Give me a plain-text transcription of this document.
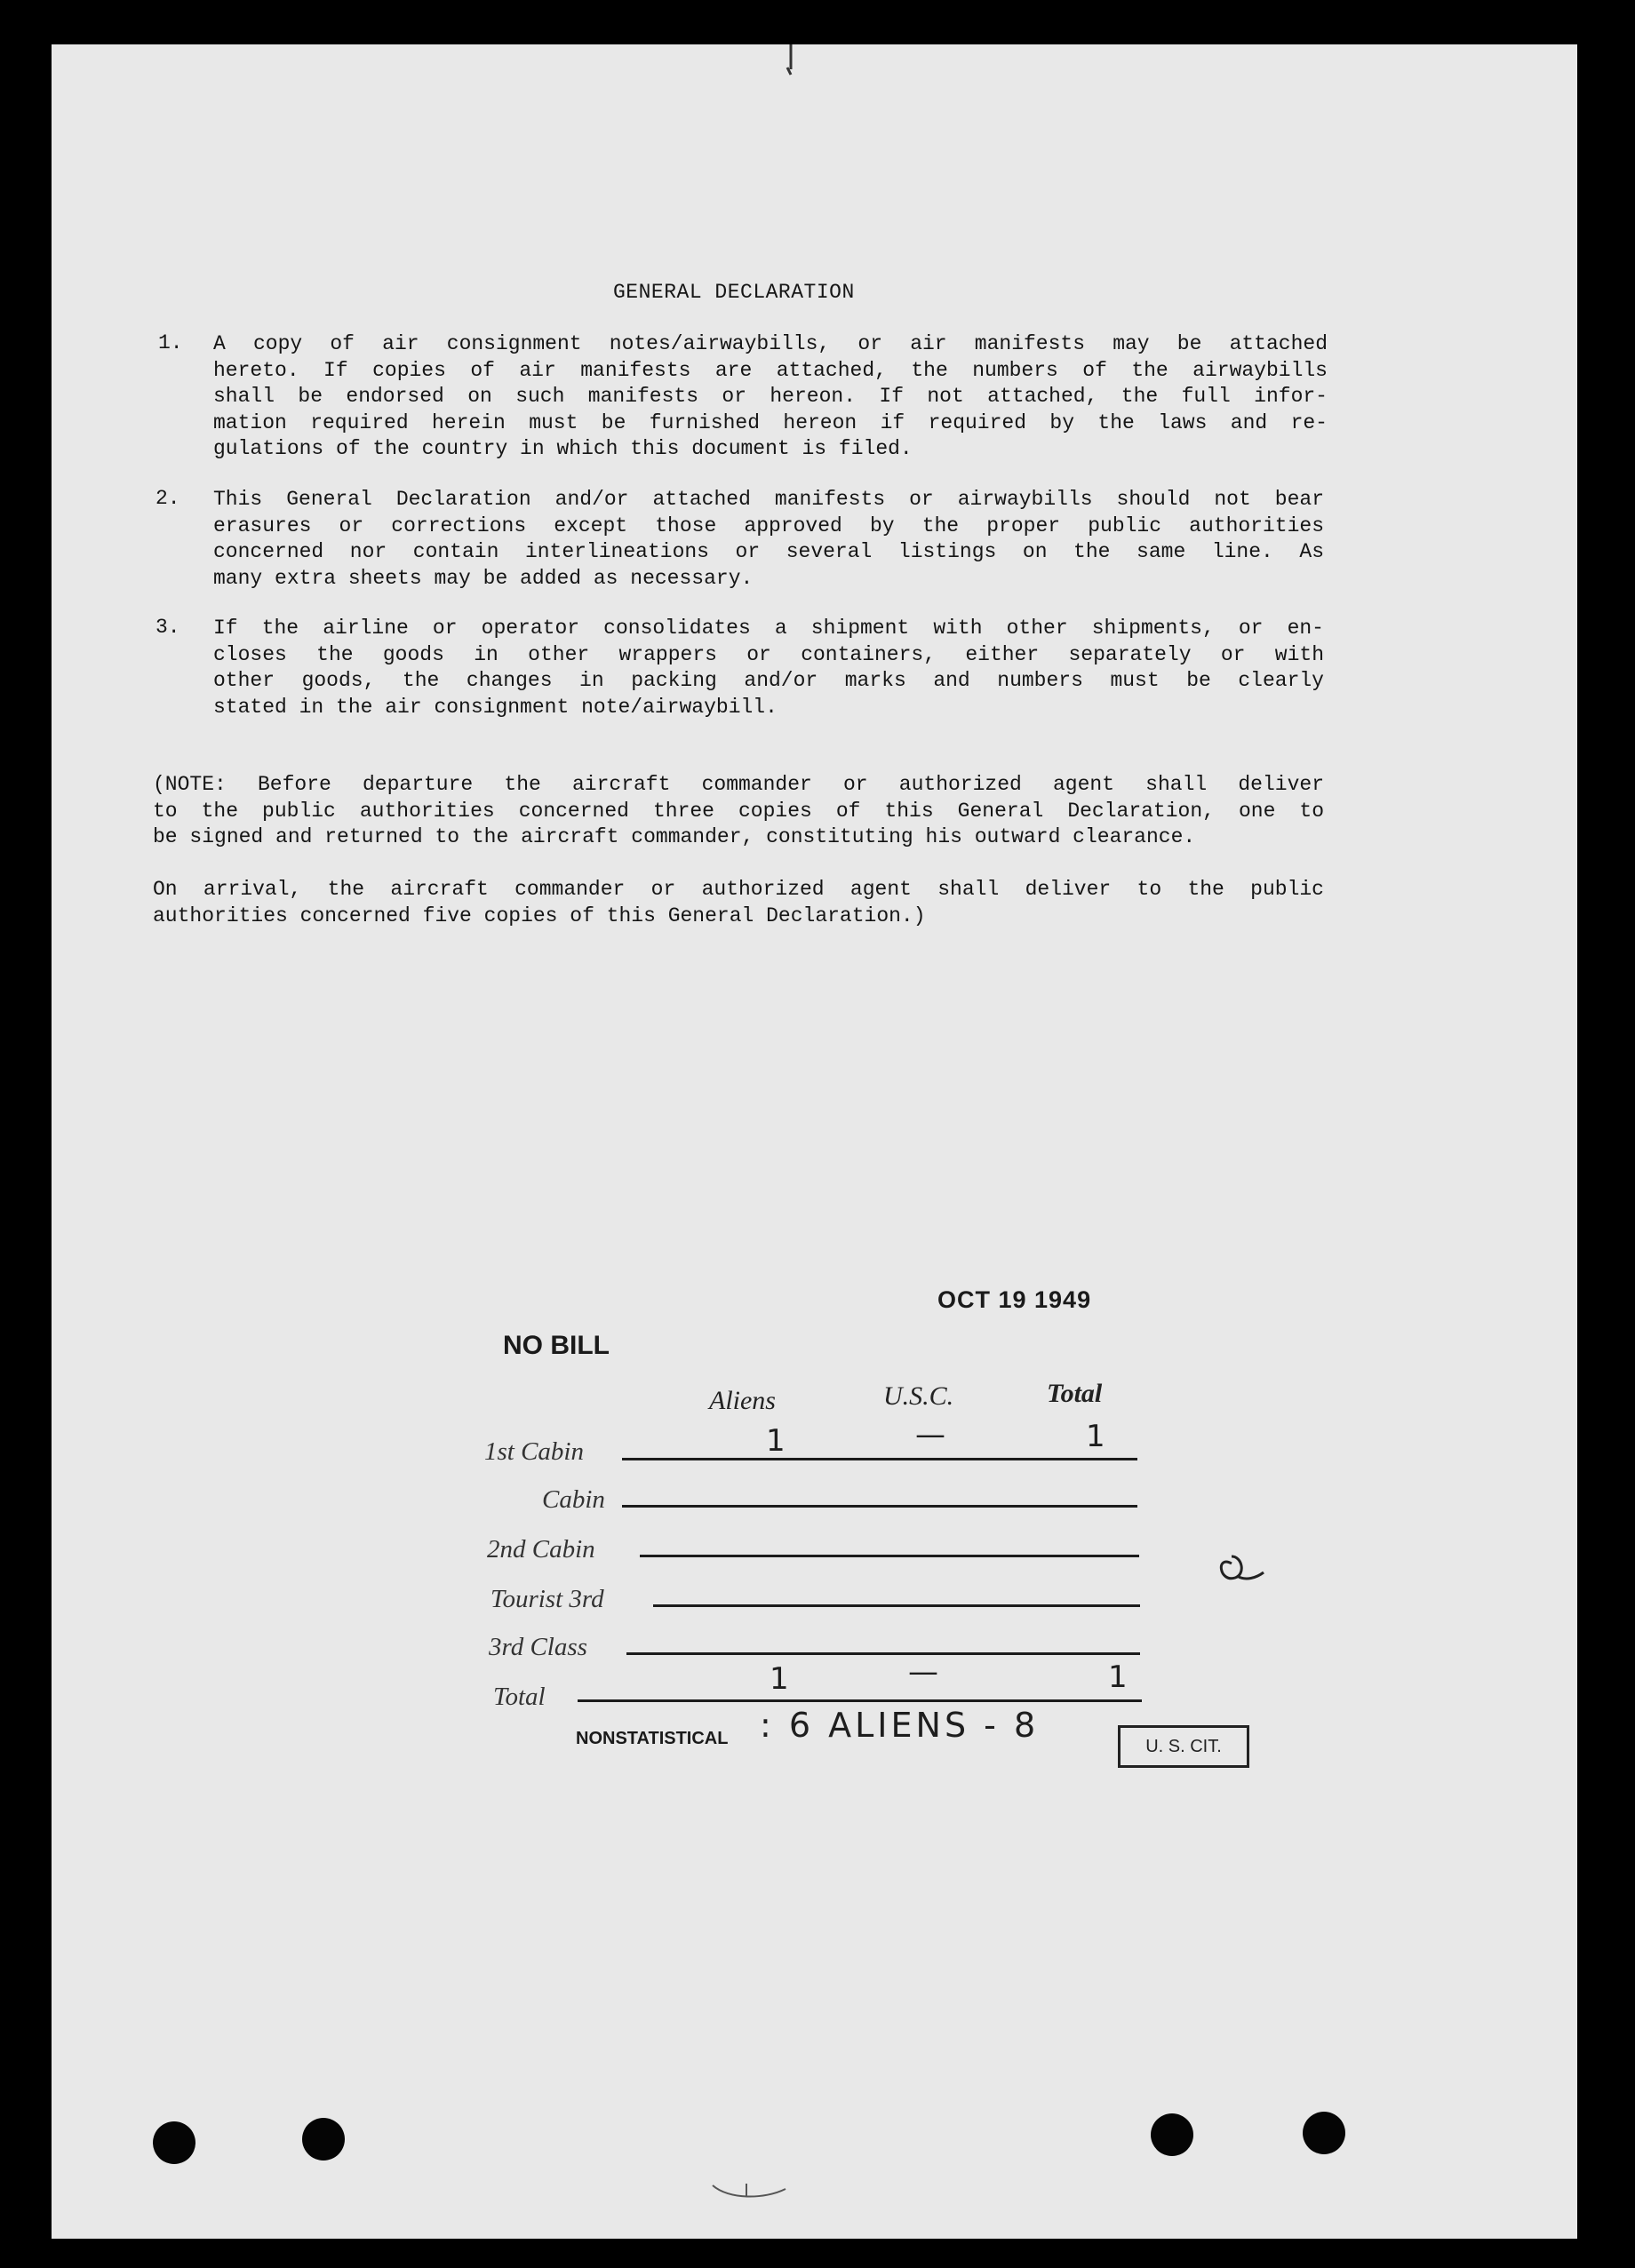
GENERAL DECLARATION
1. A copy of air consignment notes/airwaybills, or air manifests may be attached
hereto. If copies of air manifests are attached, the numbers of the airwaybills
shall be endorsed on such manifests or hereon. If not attached, the full infor-
mation required herein must be furnished hereon if required by the laws and re-
gulations of the country in which this document is filed.
2. This General Declaration and/or attached manifests or airwaybills should not bear
erasures or corrections except those approved by the proper public authorities
concerned nor contain interlineations or several listings on the same line. As
many extra sheets may be added as necessary.
3. If the airline or operator consolidates a shipment with other shipments, or en-
closes the goods in other wrappers or containers, either separately or with
other goods, the changes in packing and/or marks and numbers must be clearly
stated in the air consignment note/airwaybill.
(NOTE: Before departure the aircraft commander or authorized agent shall deliver
to the public authorities concerned three copies of this General Declaration, one to
be signed and returned to the aircraft commander, constituting his outward clearance.
On arrival, the aircraft commander or authorized agent shall deliver to the public
authorities concerned five copies of this General Declaration.)
OCT 19 1949
NO BILL
Aliens	U.S.C.	Total
1st Cabin	1	—	1
Cabin
2nd Cabin
Tourist 3rd
3rd Class
Total	1	—	1
NONSTATISTICAL : 6 ALIENS - 8
U. S. CIT.
